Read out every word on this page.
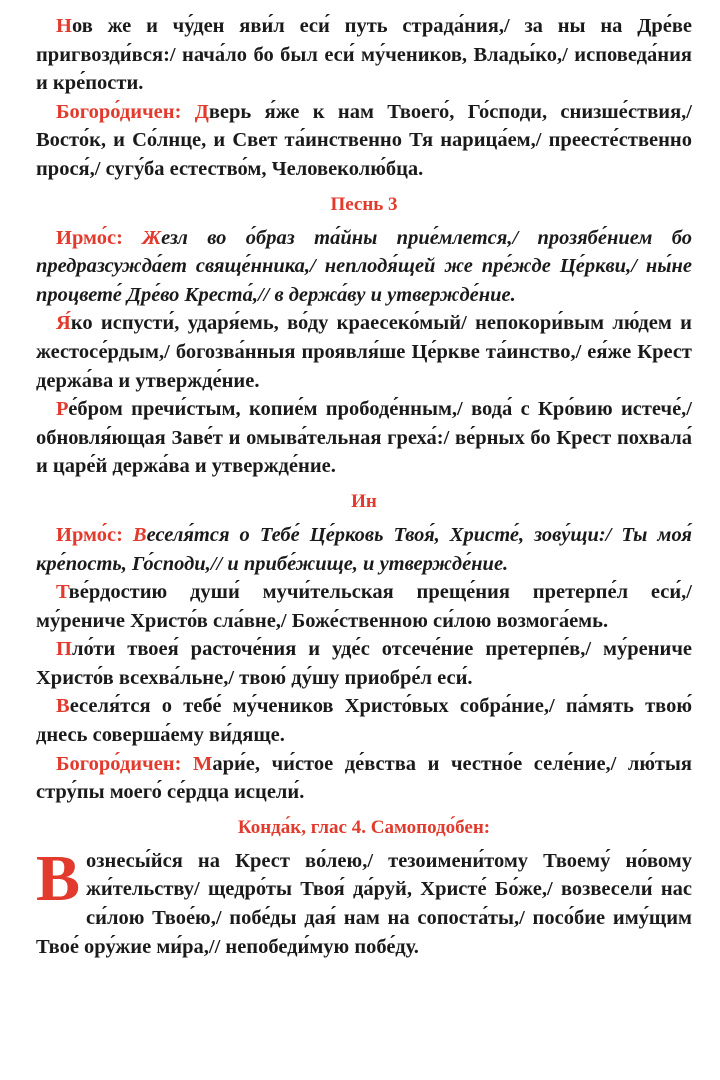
Нов же и чу́ден яви́л еси́ путь страда́ния,/ за ны на Дре́ве пригвозди́вся:/ нача́ло бо был еси́ му́чеников, Влады́ко,/ исповеда́ния и кре́пости.

Богоро́дичен: Дверь я́же к нам Твоего́, Го́споди, снизше́ствия,/ Восто́к, и Со́лнце, и Свет та́инственно Тя нарица́ем,/ преесте́ственно прося́,/ сугу́ба естество́м, Человеколю́бца.

Песнь 3

Ирмо́с: Жезл во о́браз та́йны прие́млется,/ прозябе́нием бо предразсужда́ет свяще́нника,/ неплодя́щей же пре́жде Це́ркви,/ ны́не процвете́ Дре́во Креста́,// в держа́ву и утвержде́ние.

Я́ко испусти́, ударя́емь, во́ду краесеко́мый/ непокори́вым лю́дем и жестосе́рдым,/ богозва́нныя проявля́ше Це́ркве та́инство,/ ея́же Крест держа́ва и утвержде́ние.

Ре́бром пречи́стым, копие́м прободе́нным,/ вода́ с Кро́вию истече́,/ обновля́ющая Заве́т и омыва́тельная греха́:/ ве́рных бо Крест похвала́ и царе́й держа́ва и утвержде́ние.

Ин

Ирмо́с: Веселя́тся о Тебе́ Це́рковь Твоя́, Христе́, зову́щи:/ Ты моя́ кре́пость, Го́споди,// и прибе́жище, и утвержде́ние.

Тве́рдостию души́ мучи́тельская преще́ния претерпе́л еси́,/ му́рениче Христо́в сла́вне,/ Боже́ственною си́лою возмога́емь.

Пло́ти твоея́ расточе́ния и уде́с отсече́ние претерпе́в,/ му́рениче Христо́в всехва́льне,/ твою́ ду́шу приобре́л еси́.

Веселя́тся о тебе́ му́чеников Христо́вых собра́ние,/ па́мять твою́ днесь соверша́ему ви́дяще.

Богоро́дичен: Мари́е, чи́стое де́вства и честно́е селе́ние,/ лю́тыя стру́пы моего́ се́рдца исцели́.

Конда́к, глас 4. Самоподо́бен:

Вознесы́йся на Крест во́лею,/ тезоимени́тому Твоему́ но́вому жи́тельству/ щедро́ты Твоя́ да́руй, Христе́ Бо́же,/ возвесели́ нас си́лою Твое́ю,/ побе́ды дая́ нам на сопоста́ты,/ посо́бие иму́щим Твое́ ору́жие ми́ра,// непобеди́мую побе́ду.
